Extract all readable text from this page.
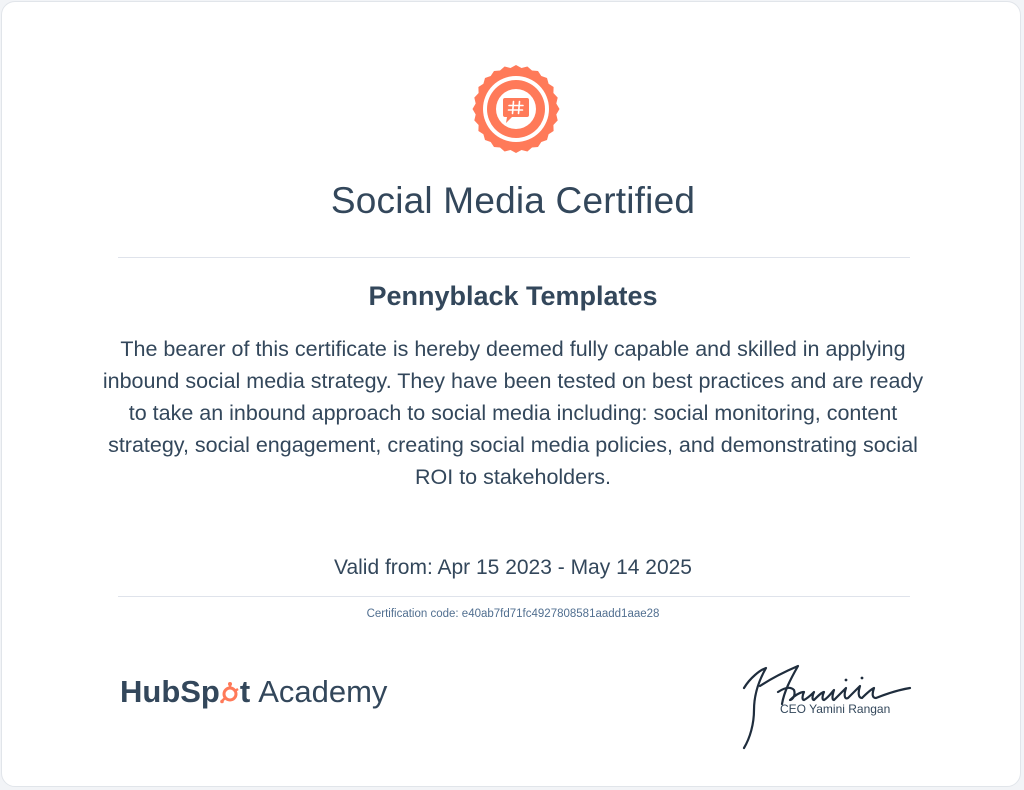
Social Media Certified
Pennyblack Templates
The bearer of this certificate is hereby deemed fully capable and skilled in applying inbound social media strategy. They have been tested on best practices and are ready to take an inbound approach to social media including: social monitoring, content strategy, social engagement, creating social media policies, and demonstrating social ROI to stakeholders.
Valid from: Apr 15 2023 - May 14 2025
Certification code: e40ab7fd71fc4927808581aadd1aae28
HubSp t Academy	CEO Yamini Rangan
